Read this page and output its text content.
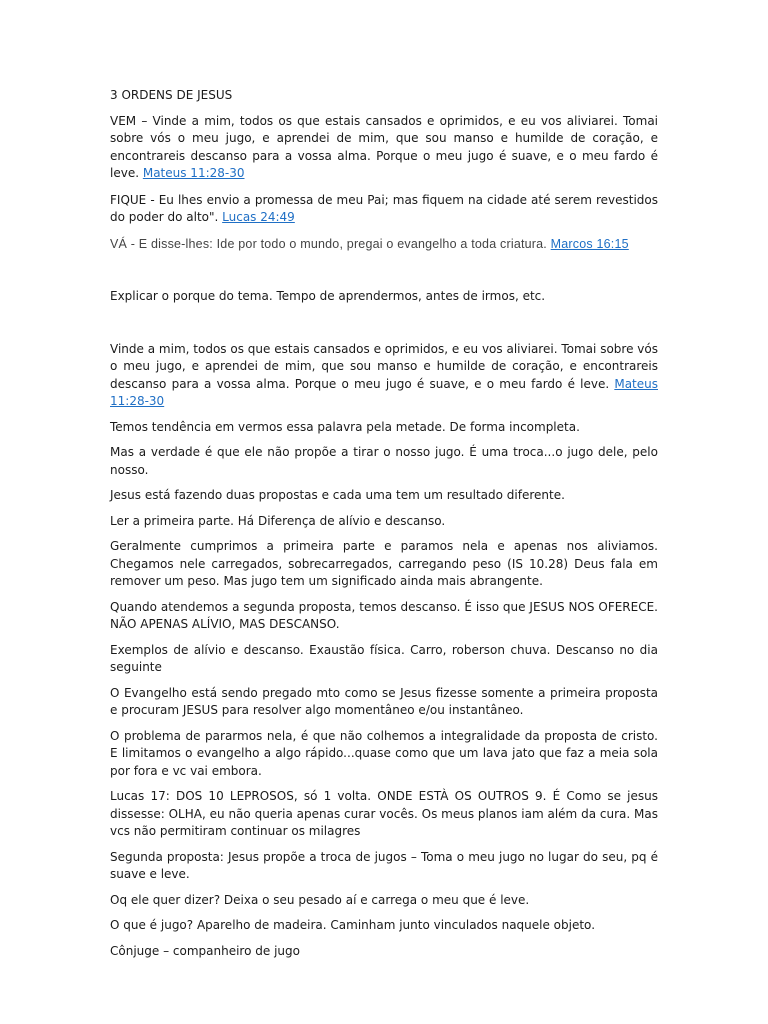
3 ORDENS DE JESUS

VEM – Vinde a mim, todos os que estais cansados e oprimidos, e eu vos aliviarei. Tomai sobre vós o meu jugo, e aprendei de mim, que sou manso e humilde de coração, e encontrareis descanso para a vossa alma. Porque o meu jugo é suave, e o meu fardo é leve. Mateus 11:28-30

FIQUE - Eu lhes envio a promessa de meu Pai; mas fiquem na cidade até serem revestidos do poder do alto". Lucas 24:49

VÁ - E disse-lhes: Ide por todo o mundo, pregai o evangelho a toda criatura. Marcos 16:15

Explicar o porque do tema. Tempo de aprendermos, antes de irmos, etc.

Vinde a mim, todos os que estais cansados e oprimidos, e eu vos aliviarei. Tomai sobre vós o meu jugo, e aprendei de mim, que sou manso e humilde de coração, e encontrareis descanso para a vossa alma. Porque o meu jugo é suave, e o meu fardo é leve. Mateus 11:28-30

Temos tendência em vermos essa palavra pela metade. De forma incompleta.

Mas a verdade é que ele não propõe a tirar o nosso jugo. É uma troca...o jugo dele, pelo nosso.

Jesus está fazendo duas propostas e cada uma tem um resultado diferente.

Ler a primeira parte. Há Diferença de alívio e descanso.

Geralmente cumprimos a primeira parte e paramos nela e apenas nos aliviamos. Chegamos nele carregados, sobrecarregados, carregando peso (IS 10.28) Deus fala em remover um peso. Mas jugo tem um significado ainda mais abrangente.

Quando atendemos a segunda proposta, temos descanso. É isso que JESUS NOS OFERECE. NÃO APENAS ALÍVIO, MAS DESCANSO.

Exemplos de alívio e descanso. Exaustão física. Carro, roberson chuva. Descanso no dia seguinte

O Evangelho está sendo pregado mto como se Jesus fizesse somente a primeira proposta e procuram JESUS para resolver algo momentâneo e/ou instantâneo.

O problema de pararmos nela, é que não colhemos a integralidade da proposta de cristo. E limitamos o evangelho a algo rápido...quase como que um lava jato que faz a meia sola por fora e vc vai embora.

Lucas 17: DOS 10 LEPROSOS, só 1 volta. ONDE ESTÀ OS OUTROS 9. É Como se jesus dissesse: OLHA, eu não queria apenas curar vocês. Os meus planos iam além da cura. Mas vcs não permitiram continuar os milagres

Segunda proposta: Jesus propõe a troca de jugos – Toma o meu jugo no lugar do seu, pq é suave e leve.

Oq ele quer dizer? Deixa o seu pesado aí e carrega o meu que é leve.

O que é jugo? Aparelho de madeira. Caminham junto vinculados naquele objeto.

Cônjuge – companheiro de jugo
